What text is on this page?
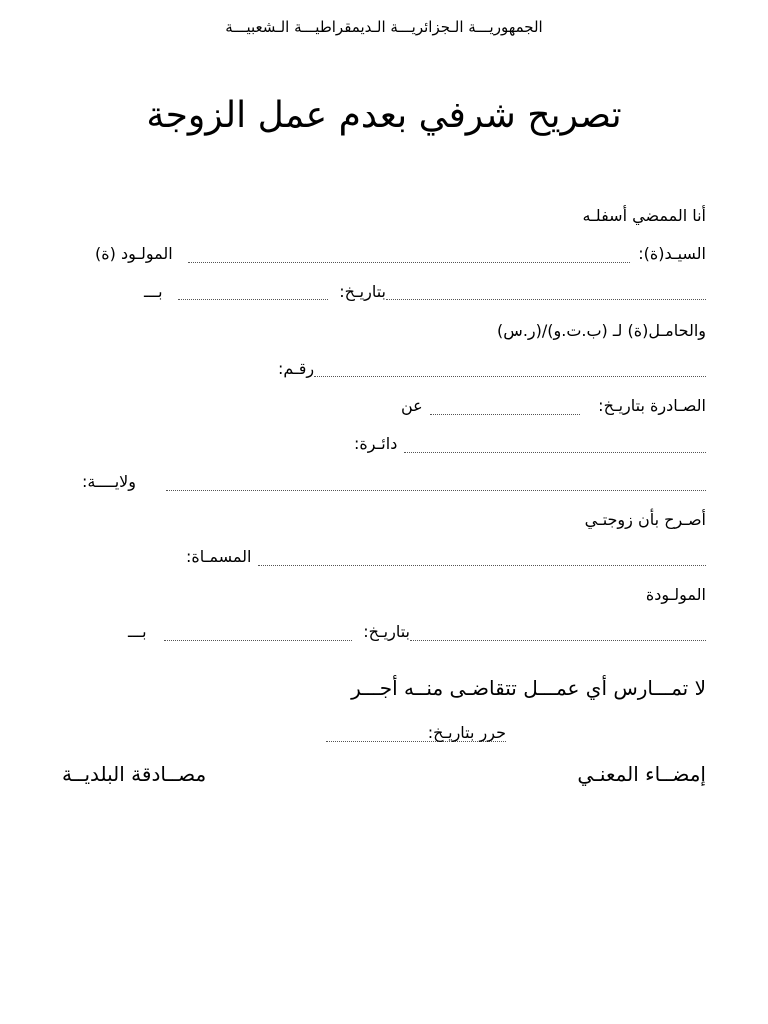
الجمهوريـــة الـجزائريـــة الـديمقراطيـــة الـشعبيـــة
تصريح شرفي بعدم عمل الزوجة
أنا الممضي أسفلـه
السيـد(ة):
المولـود (ة)
بتاريـخ:
بـــ
والحامـل(ة) لـ (ب.ت.و)/(ر.س)
رقـم:
الصـادرة بتاريـخ:
عن
دائـرة:
ولايــــة:
أصـرح بأن زوجتـي
المسمـاة:
المولـودة
بتاريـخ:
بـــ
لا تمـــارس أي عمـــل تتقاضـى منــه أجـــر
حرر بتاريـخ:
إمضــاء المعنـي
مصــادقة البلديــة
